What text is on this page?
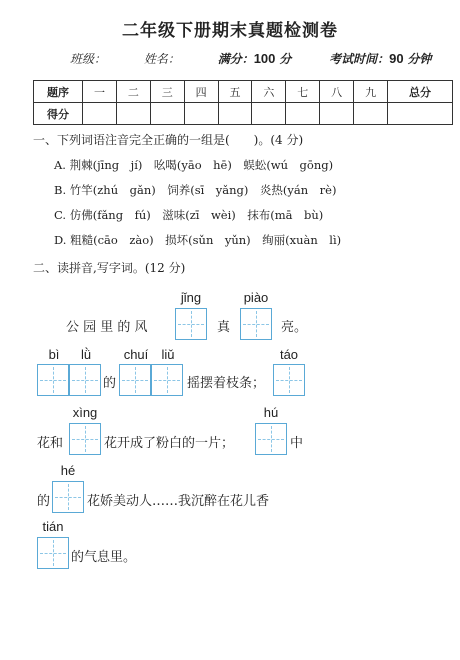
二年级下册期末真题检测卷
班级：	姓名：	满分：100 分	考试时间：90 分钟
题序	一	二	三	四	五	六	七	八	九	总分
得分										
一、下列词语注音完全正确的一组是(　　)。(4 分)
A. 荆棘(jīng　jí)　吆喝(yāo　hē)　蜈蚣(wú　gōng)
B. 竹竿(zhú　gǎn)　饲养(sī　yǎng)　炎热(yán　rè)
C. 仿佛(fǎng　fú)　滋味(zī　wèi)　抹布(mā　bù)
D. 粗糙(cāo　zào)　损坏(sǔn　yǔn)　绚丽(xuàn　lì)
二、读拼音,写字词。(12 分)
jǐng	piào
公 园 里 的 风	真	亮。
bì	lǜ
的
chuí	liǔ
摇摆着枝条；
táo
xìng
花和	花开成了粉白的一片；
hú
中
hé
的	花娇美动人……我沉醉在花儿香
tián
的气息里。
